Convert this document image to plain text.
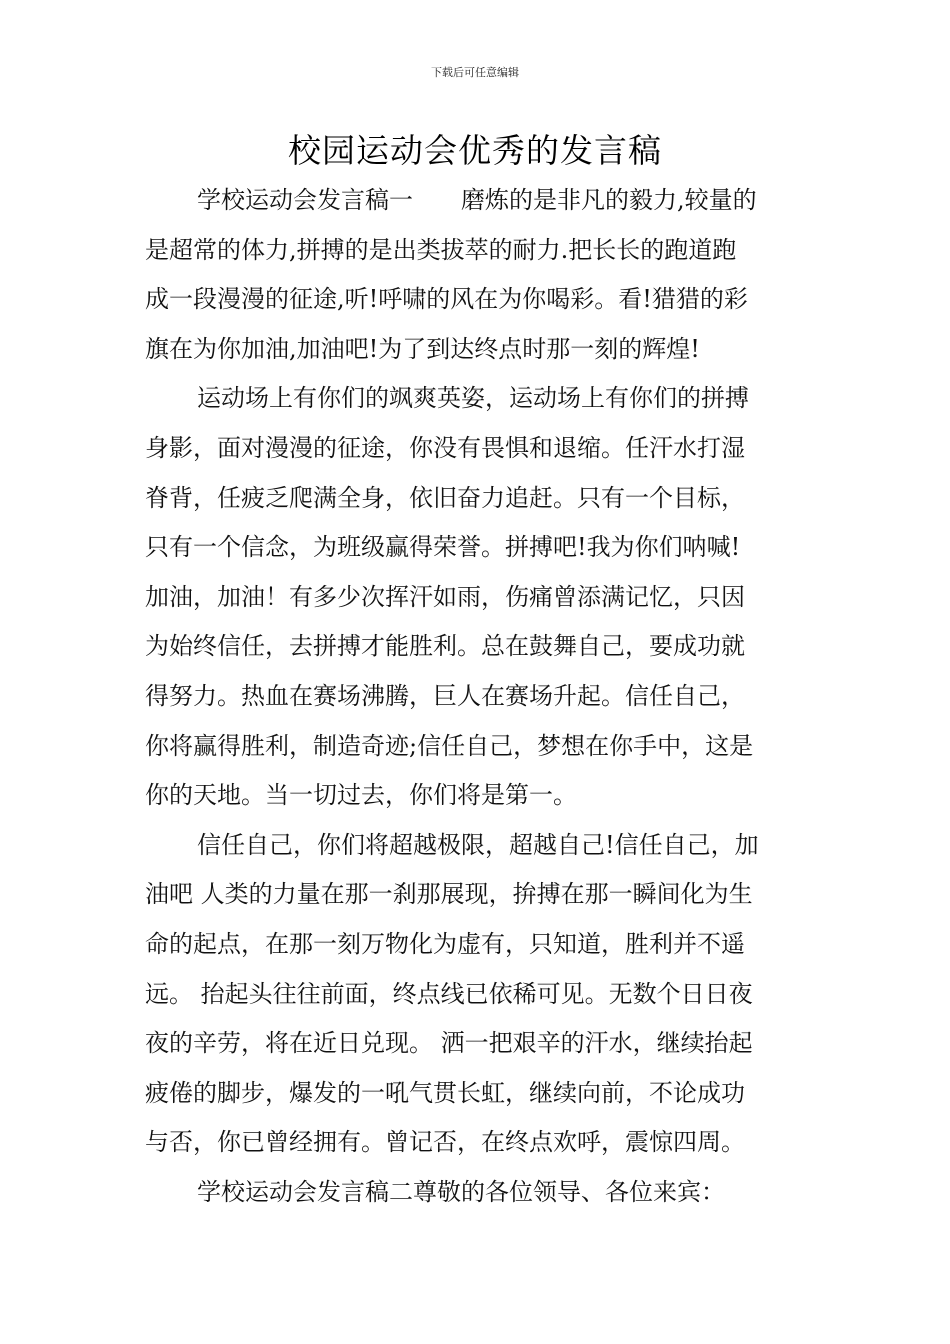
下载后可任意编辑
校园运动会优秀的发言稿
学校运动会发言稿一　　磨炼的是非凡的毅力,较量的
是超常的体力,拼搏的是出类拔萃的耐力.把长长的跑道跑
成一段漫漫的征途,听!呼啸的风在为你喝彩。看!猎猎的彩
旗在为你加油,加油吧!为了到达终点时那一刻的辉煌!
运动场上有你们的飒爽英姿，运动场上有你们的拼搏
身影，面对漫漫的征途，你没有畏惧和退缩。任汗水打湿
脊背，任疲乏爬满全身，依旧奋力追赶。只有一个目标，
只有一个信念，为班级赢得荣誉。拼搏吧!我为你们呐喊!
加油，加油！有多少次挥汗如雨，伤痛曾添满记忆，只因
为始终信任，去拼搏才能胜利。总在鼓舞自己，要成功就
得努力。热血在赛场沸腾，巨人在赛场升起。信任自己，
你将赢得胜利，制造奇迹;信任自己，梦想在你手中，这是
你的天地。当一切过去，你们将是第一。
信任自己，你们将超越极限，超越自己!信任自己，加
油吧 人类的力量在那一刹那展现，拚搏在那一瞬间化为生
命的起点，在那一刻万物化为虚有，只知道，胜利并不遥
远。 抬起头往往前面，终点线已依稀可见。无数个日日夜
夜的辛劳，将在近日兑现。 洒一把艰辛的汗水，继续抬起
疲倦的脚步，爆发的一吼气贯长虹，继续向前，不论成功
与否，你已曾经拥有。曾记否，在终点欢呼，震惊四周。
学校运动会发言稿二尊敬的各位领导、各位来宾：
